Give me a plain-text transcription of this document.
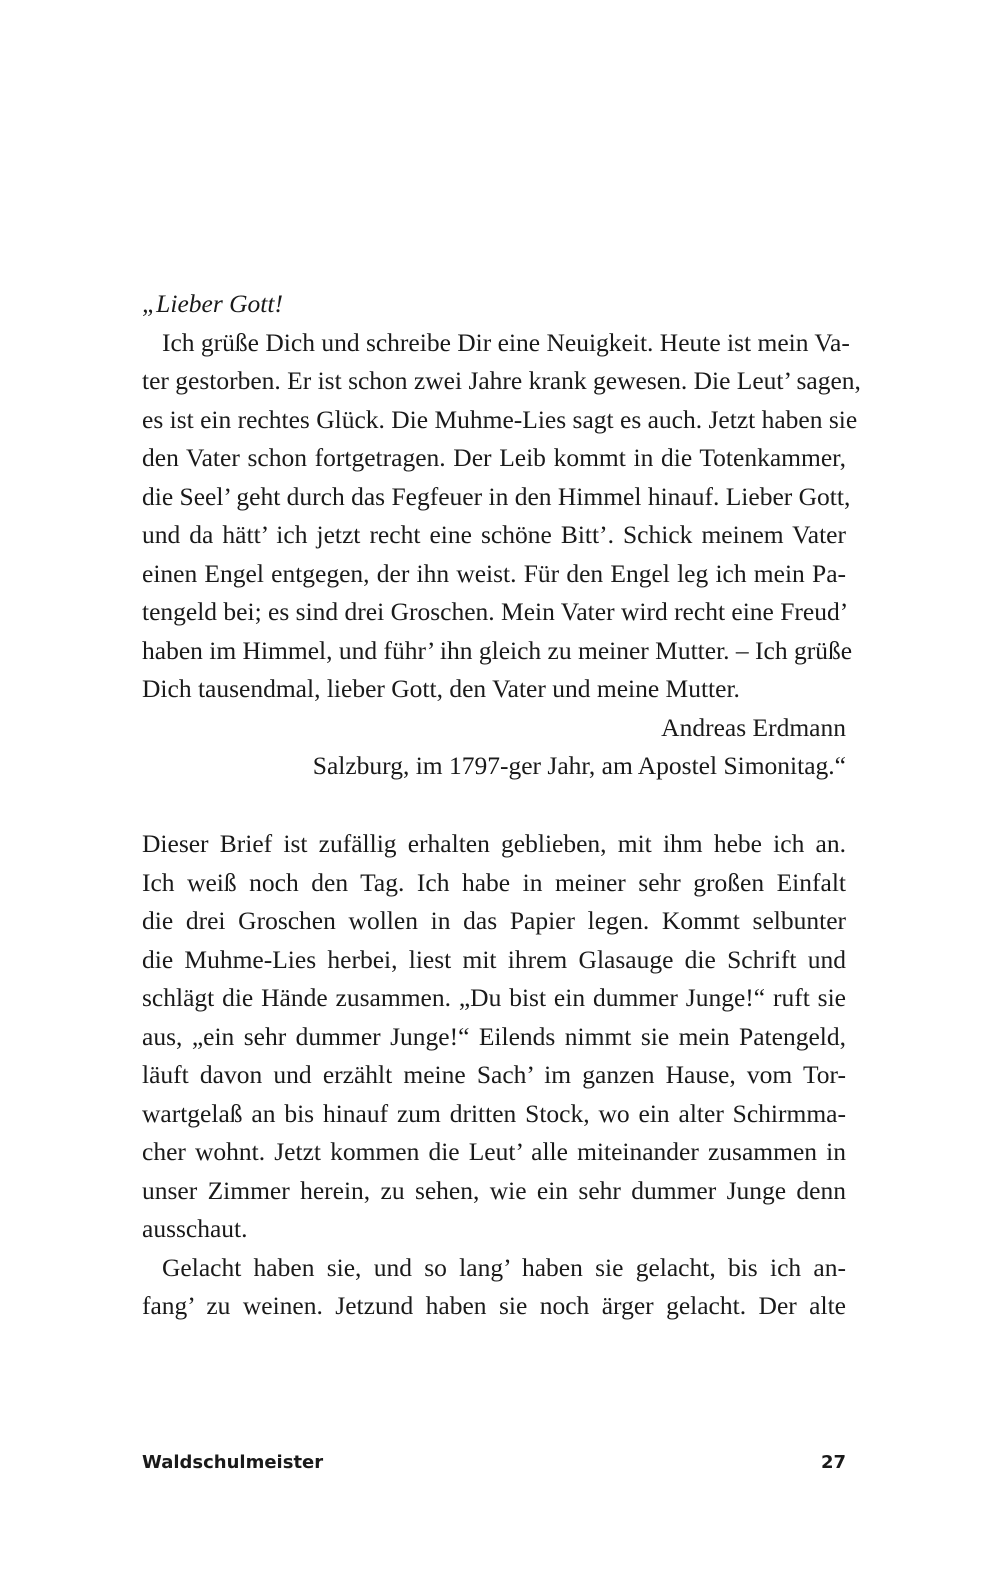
„Lieber Gott!

Ich grüße Dich und schreibe Dir eine Neuigkeit. Heute ist mein Va-

ter gestorben. Er ist schon zwei Jahre krank gewesen. Die Leut’ sagen,

es ist ein rechtes Glück. Die Muhme-Lies sagt es auch. Jetzt haben sie

den Vater schon fortgetragen. Der Leib kommt in die Totenkammer,

die Seel’ geht durch das Fegfeuer in den Himmel hinauf. Lieber Gott,

und da hätt’ ich jetzt recht eine schöne Bitt’. Schick meinem Vater

einen Engel entgegen, der ihn weist. Für den Engel leg ich mein Pa-

tengeld bei; es sind drei Groschen. Mein Vater wird recht eine Freud’

haben im Himmel, und führ’ ihn gleich zu meiner Mutter. – Ich grüße

Dich tausendmal, lieber Gott, den Vater und meine Mutter.

Andreas Erdmann

Salzburg, im 1797-ger Jahr, am Apostel Simonitag.“

Dieser Brief ist zufällig erhalten geblieben, mit ihm hebe ich an.

Ich weiß noch den Tag. Ich habe in meiner sehr großen Einfalt

die drei Groschen wollen in das Papier legen. Kommt selbunter

die Muhme-Lies herbei, liest mit ihrem Glasauge die Schrift und

schlägt die Hände zusammen. „Du bist ein dummer Junge!“ ruft sie

aus, „ein sehr dummer Junge!“ Eilends nimmt sie mein Patengeld,

läuft davon und erzählt meine Sach’ im ganzen Hause, vom Tor-

wartgelaß an bis hinauf zum dritten Stock, wo ein alter Schirmma-

cher wohnt. Jetzt kommen die Leut’ alle miteinander zusammen in

unser Zimmer herein, zu sehen, wie ein sehr dummer Junge denn

ausschaut.

Gelacht haben sie, und so lang’ haben sie gelacht, bis ich an-

fang’ zu weinen. Jetzund haben sie noch ärger gelacht. Der alte

Waldschulmeister	27
